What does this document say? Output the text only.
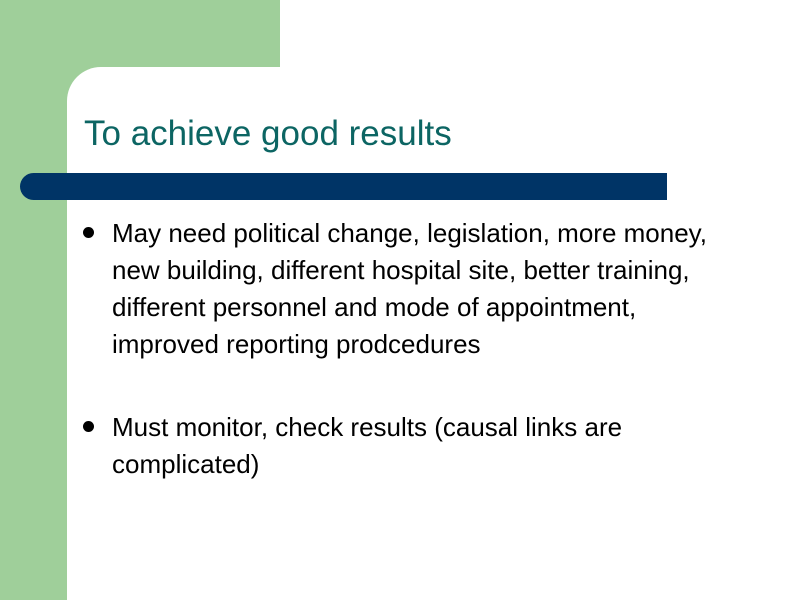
To achieve good results
May need political change, legislation, more money, new building, different hospital site, better training, different personnel and mode of appointment, improved reporting prodcedures
Must monitor, check results (causal links are complicated)
